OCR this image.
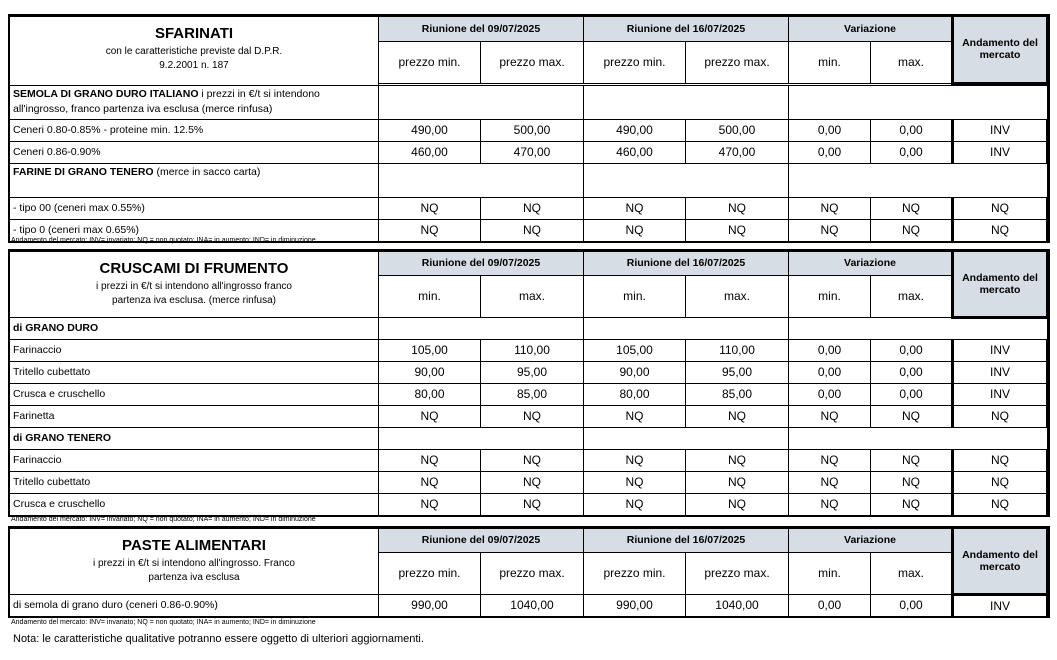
SFARINATI
con le caratteristiche previste dal D.P.R.
9.2.2001 n. 187	Riunione del 09/07/2025		Riunione del 16/07/2025		Variazione		Andamento del mercato
	prezzo min.	prezzo max.	prezzo min.	prezzo max.	min.	max.	

SEMOLA DI GRANO DURO ITALIANO i prezzi in €/t si intendono all'ingrosso, franco partenza iva esclusa (merce rinfusa)							
Ceneri 0.80-0.85% - proteine min. 12.5%	490,00	500,00	490,00	500,00	0,00	0,00	INV
Ceneri 0.86-0.90%	460,00	470,00	460,00	470,00	0,00	0,00	INV
FARINE DI GRANO TENERO (merce in sacco carta)							
- tipo 00 (ceneri max 0.55%)	NQ	NQ	NQ	NQ	NQ	NQ	NQ
- tipo 0 (ceneri max 0.65%)	NQ	NQ	NQ	NQ	NQ	NQ	NQ
Andamento del mercato: INV= invariato; NQ = non quotato; INA= in aumento; IND= in diminuzione
CRUSCAMI DI FRUMENTO
i prezzi in €/t si intendono all'ingrosso franco
partenza iva esclusa. (merce rinfusa)	Riunione del 09/07/2025		Riunione del 16/07/2025		Variazione		Andamento del mercato
	min.	max.	min.	max.	min.	max.	
di GRANO DURO							
Farinaccio	105,00	110,00	105,00	110,00	0,00	0,00	INV
Tritello cubettato	90,00	95,00	90,00	95,00	0,00	0,00	INV
Crusca e cruschello	80,00	85,00	80,00	85,00	0,00	0,00	INV
Farinetta	NQ	NQ	NQ	NQ	NQ	NQ	NQ
di GRANO TENERO							
Farinaccio	NQ	NQ	NQ	NQ	NQ	NQ	NQ
Tritello cubettato	NQ	NQ	NQ	NQ	NQ	NQ	NQ
Crusca e cruschello	NQ	NQ	NQ	NQ	NQ	NQ	NQ
Andamento del mercato: INV= invariato; NQ = non quotato; INA= in aumento; IND= in diminuzione
PASTE ALIMENTARI
i prezzi in €/t si intendono all'ingrosso. Franco
partenza iva esclusa	Riunione del 09/07/2025		Riunione del 16/07/2025		Variazione		Andamento del mercato
	prezzo min.	prezzo max.	prezzo min.	prezzo max.	min.	max.	
di semola di grano duro (ceneri 0.86-0.90%)	990,00	1040,00	990,00	1040,00	0,00	0,00	INV
Andamento del mercato: INV= invariato; NQ = non quotato; INA= in aumento; IND= in diminuzione
Nota: le caratteristiche qualitative potranno essere oggetto di ulteriori aggiornamenti.
